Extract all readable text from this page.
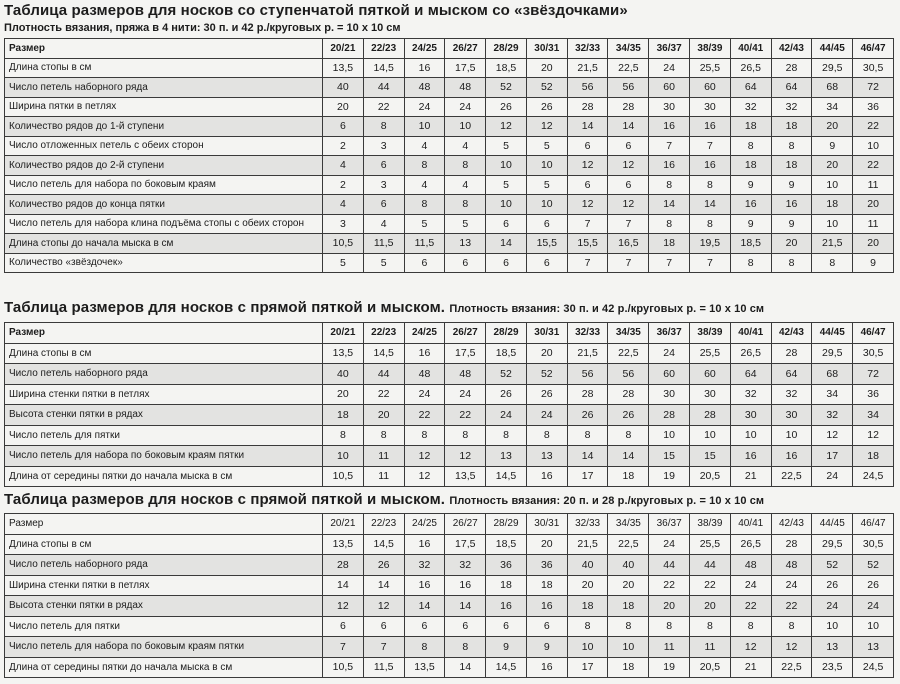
Таблица размеров для носков со ступенчатой пяткой и мыском со «звёздочками»
Плотность вязания, пряжа в 4 нити: 30 п. и 42 р./круговых р. = 10 х 10 см
Размер	20/21	22/23	24/25	26/27	28/29	30/31	32/33	34/35	36/37	38/39	40/41	42/43	44/45	46/47
Длина стопы в см	13,5	14,5	16	17,5	18,5	20	21,5	22,5	24	25,5	26,5	28	29,5	30,5
Число петель наборного ряда	40	44	48	48	52	52	56	56	60	60	64	64	68	72
Ширина пятки в петлях	20	22	24	24	26	26	28	28	30	30	32	32	34	36
Количество рядов до 1-й ступени	6	8	10	10	12	12	14	14	16	16	18	18	20	22
Число отложенных петель с обеих сторон	2	3	4	4	5	5	6	6	7	7	8	8	9	10
Количество рядов до 2-й ступени	4	6	8	8	10	10	12	12	16	16	18	18	20	22
Число петель для набора по боковым краям	2	3	4	4	5	5	6	6	8	8	9	9	10	11
Количество рядов до конца пятки	4	6	8	8	10	10	12	12	14	14	16	16	18	20
Число петель для набора клина подъёма стопы с обеих сторон	3	4	5	5	6	6	7	7	8	8	9	9	10	11
Длина стопы до начала мыска в см	10,5	11,5	11,5	13	14	15,5	15,5	16,5	18	19,5	18,5	20	21,5	20
Количество «звёздочек»	5	5	6	6	6	6	7	7	7	7	8	8	8	9
Таблица размеров для носков с прямой пяткой и мыском. Плотность вязания: 30 п. и 42 р./круговых р. = 10 х 10 см
Размер	20/21	22/23	24/25	26/27	28/29	30/31	32/33	34/35	36/37	38/39	40/41	42/43	44/45	46/47
Длина стопы в см	13,5	14,5	16	17,5	18,5	20	21,5	22,5	24	25,5	26,5	28	29,5	30,5
Число петель наборного ряда	40	44	48	48	52	52	56	56	60	60	64	64	68	72
Ширина стенки пятки в петлях	20	22	24	24	26	26	28	28	30	30	32	32	34	36
Высота стенки пятки в рядах	18	20	22	22	24	24	26	26	28	28	30	30	32	34
Число петель для пятки	8	8	8	8	8	8	8	8	10	10	10	10	12	12
Число петель для набора по боковым краям пятки	10	11	12	12	13	13	14	14	15	15	16	16	17	18
Длина от середины пятки до начала мыска в см	10,5	11	12	13,5	14,5	16	17	18	19	20,5	21	22,5	24	24,5
Таблица размеров для носков с прямой пяткой и мыском. Плотность вязания: 20 п. и 28 р./круговых р. = 10 х 10 см
Размер	20/21	22/23	24/25	26/27	28/29	30/31	32/33	34/35	36/37	38/39	40/41	42/43	44/45	46/47
Длина стопы в см	13,5	14,5	16	17,5	18,5	20	21,5	22,5	24	25,5	26,5	28	29,5	30,5
Число петель наборного ряда	28	26	32	32	36	36	40	40	44	44	48	48	52	52
Ширина стенки пятки в петлях	14	14	16	16	18	18	20	20	22	22	24	24	26	26
Высота стенки пятки в рядах	12	12	14	14	16	16	18	18	20	20	22	22	24	24
Число петель для пятки	6	6	6	6	6	6	8	8	8	8	8	8	10	10
Число петель для набора по боковым краям пятки	7	7	8	8	9	9	10	10	11	11	12	12	13	13
Длина от середины пятки до начала мыска в см	10,5	11,5	13,5	14	14,5	16	17	18	19	20,5	21	22,5	23,5	24,5
